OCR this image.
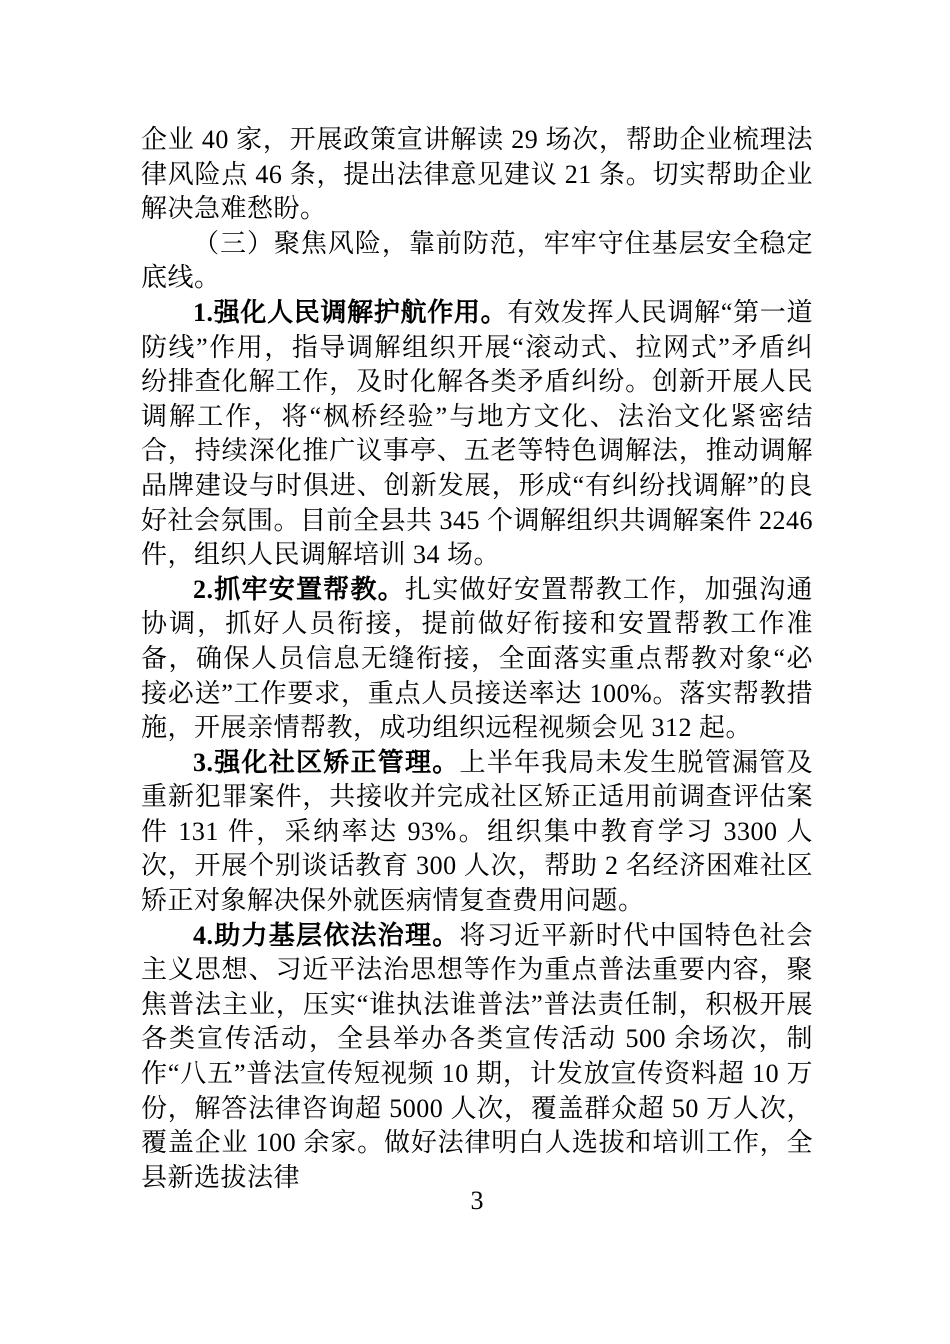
企业 40 家，开展政策宣讲解读 29 场次，帮助企业梳理法律风险点 46 条，提出法律意见建议 21 条。切实帮助企业解决急难愁盼。

（三）聚焦风险，靠前防范，牢牢守住基层安全稳定底线。

1.强化人民调解护航作用。有效发挥人民调解“第一道防线”作用，指导调解组织开展“滚动式、拉网式”矛盾纠纷排查化解工作，及时化解各类矛盾纠纷。创新开展人民调解工作，将“枫桥经验”与地方文化、法治文化紧密结合，持续深化推广议事亭、五老等特色调解法，推动调解品牌建设与时俱进、创新发展，形成“有纠纷找调解”的良好社会氛围。目前全县共 345 个调解组织共调解案件 2246 件，组织人民调解培训 34 场。

2.抓牢安置帮教。扎实做好安置帮教工作，加强沟通协调，抓好人员衔接，提前做好衔接和安置帮教工作准备，确保人员信息无缝衔接，全面落实重点帮教对象“必接必送”工作要求，重点人员接送率达 100%。落实帮教措施，开展亲情帮教，成功组织远程视频会见 312 起。

3.强化社区矫正管理。上半年我局未发生脱管漏管及重新犯罪案件，共接收并完成社区矫正适用前调查评估案件 131 件，采纳率达 93%。组织集中教育学习 3300 人次，开展个别谈话教育 300 人次，帮助 2 名经济困难社区矫正对象解决保外就医病情复查费用问题。

4.助力基层依法治理。将习近平新时代中国特色社会主义思想、习近平法治思想等作为重点普法重要内容，聚焦普法主业，压实“谁执法谁普法”普法责任制，积极开展各类宣传活动，全县举办各类宣传活动 500 余场次，制作“八五”普法宣传短视频 10 期，计发放宣传资料超 10 万份，解答法律咨询超 5000 人次，覆盖群众超 50 万人次，覆盖企业 100 余家。做好法律明白人选拔和培训工作，全县新选拔法律

3
